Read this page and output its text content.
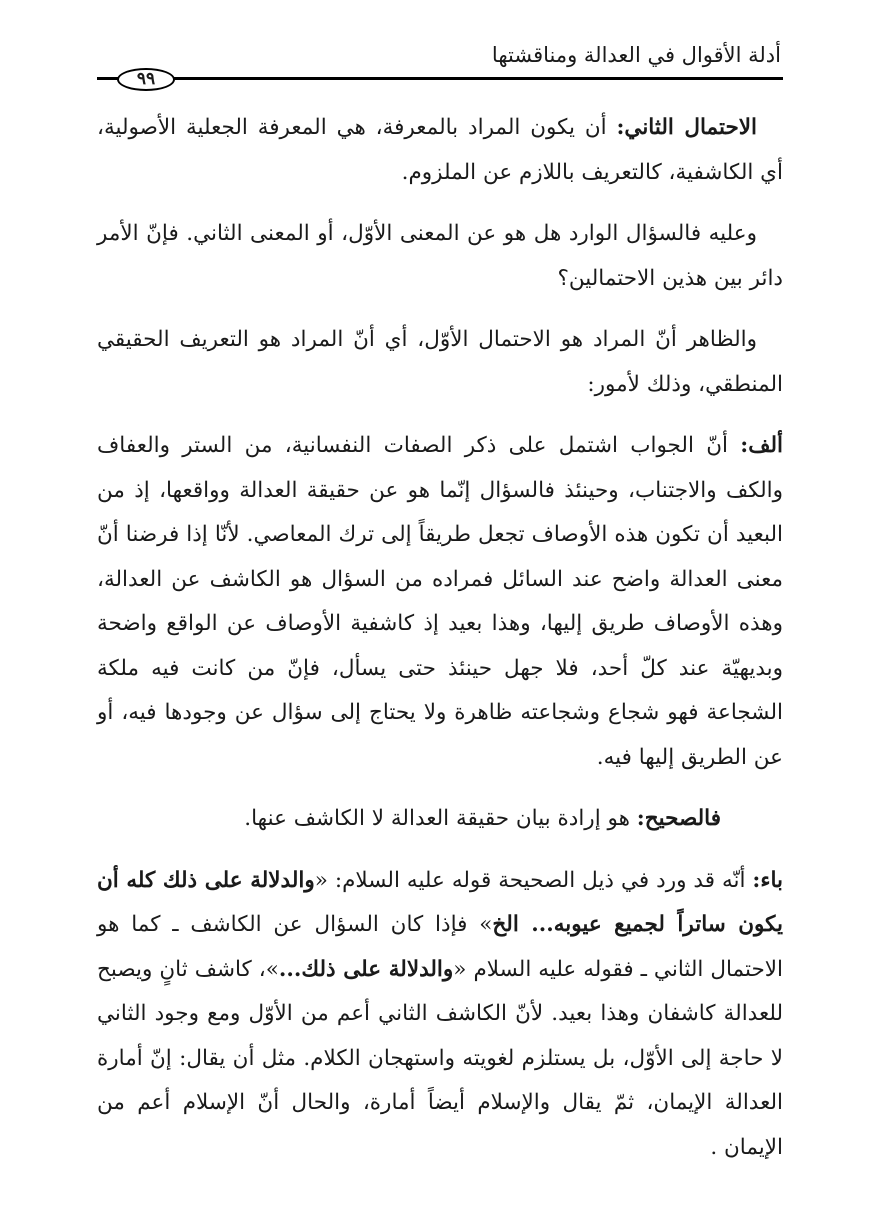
أدلة الأقوال في العدالة ومناقشتها
٩٩

الاحتمال الثاني: أن يكون المراد بالمعرفة، هي المعرفة الجعلية الأصولية، أي الكاشفية، كالتعريف باللازم عن الملزوم.

وعليه فالسؤال الوارد هل هو عن المعنى الأوّل، أو المعنى الثاني. فإنّ الأمر دائر بين هذين الاحتمالين؟

والظاهر أنّ المراد هو الاحتمال الأوّل، أي أنّ المراد هو التعريف الحقيقي المنطقي، وذلك لأمور:

ألف: أنّ الجواب اشتمل على ذكر الصفات النفسانية، من الستر والعفاف والكف والاجتناب، وحينئذ فالسؤال إنّما هو عن حقيقة العدالة وواقعها، إذ من البعيد أن تكون هذه الأوصاف تجعل طريقاً إلى ترك المعاصي. لأنّا إذا فرضنا أنّ معنى العدالة واضح عند السائل فمراده من السؤال هو الكاشف عن العدالة، وهذه الأوصاف طريق إليها، وهذا بعيد إذ كاشفية الأوصاف عن الواقع واضحة وبديهيّة عند كلّ أحد، فلا جهل حينئذ حتى يسأل، فإنّ من كانت فيه ملكة الشجاعة فهو شجاع وشجاعته ظاهرة ولا يحتاج إلى سؤال عن وجودها فيه، أو عن الطريق إليها فيه.

فالصحيح: هو إرادة بيان حقيقة العدالة لا الكاشف عنها.

باء: أنّه قد ورد في ذيل الصحيحة قوله عليه السلام: «والدلالة على ذلك كله أن يكون ساتراً لجميع عيوبه... الخ» فإذا كان السؤال عن الكاشف ـ كما هو الاحتمال الثاني ـ فقوله عليه السلام «والدلالة على ذلك...»، كاشف ثانٍ ويصبح للعدالة كاشفان وهذا بعيد. لأنّ الكاشف الثاني أعم من الأوّل ومع وجود الثاني لا حاجة إلى الأوّل، بل يستلزم لغويته واستهجان الكلام. مثل أن يقال: إنّ أمارة العدالة الإيمان، ثمّ يقال والإسلام أيضاً أمارة، والحال أنّ الإسلام أعم من الإيمان .
